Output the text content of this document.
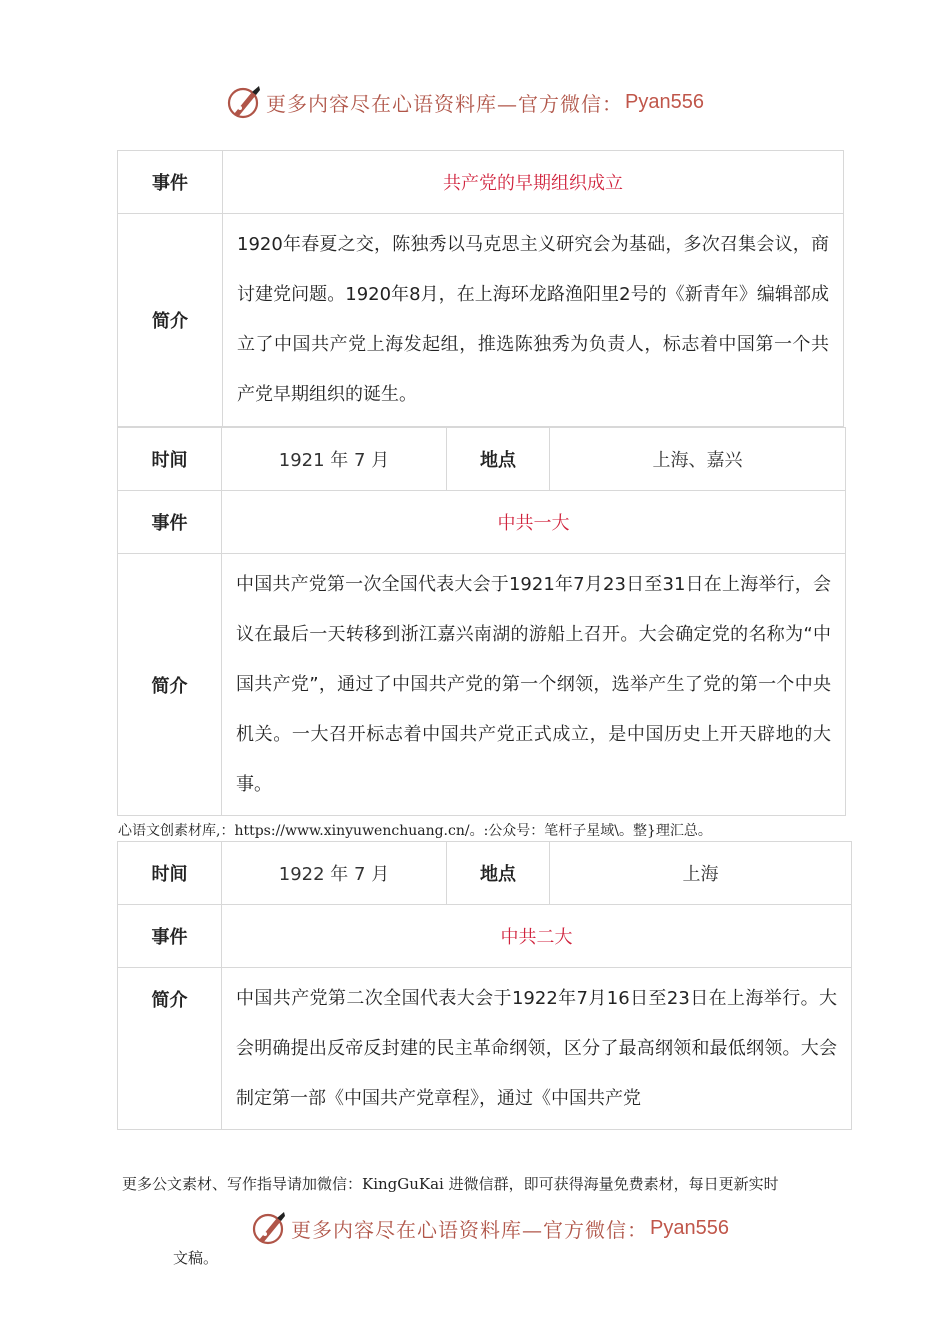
更多内容尽在心语资料库—官方微信： Pyan556
事件	共产党的早期组织成立
简介	1920年春夏之交，陈独秀以马克思主义研究会为基础，多次召集会议，商讨建党问题。1920年8月，在上海环龙路渔阳里2号的《新青年》编辑部成立了中国共产党上海发起组，推选陈独秀为负责人，标志着中国第一个共产党早期组织的诞生。
时间	1921 年 7 月	地点	上海、嘉兴
事件	中共一大		
简介	中国共产党第一次全国代表大会于1921年7月23日至31日在上海举行，会议在最后一天转移到浙江嘉兴南湖的游船上召开。大会确定党的名称为“中国共产党”，通过了中国共产党的第一个纲领，选举产生了党的第一个中央机关。一大召开标志着中国共产党正式成立，是中国历史上开天辟地的大事。		
心语文创素材库,：https://www.xinyuwenchuang.cn/。:公众号：笔杆子星域\。整}理汇总。
时间	1922 年 7 月	地点	上海
事件	中共二大		
简介	中国共产党第二次全国代表大会于1922年7月16日至23日在上海举行。大会明确提出反帝反封建的民主革命纲领，区分了最高纲领和最低纲领。大会制定第一部《中国共产党章程》，通过《中国共产党		
更多公文素材、写作指导请加微信：KingGuKai 进微信群，即可获得海量免费素材，每日更新实时
更多内容尽在心语资料库—官方微信： Pyan556
文稿。
